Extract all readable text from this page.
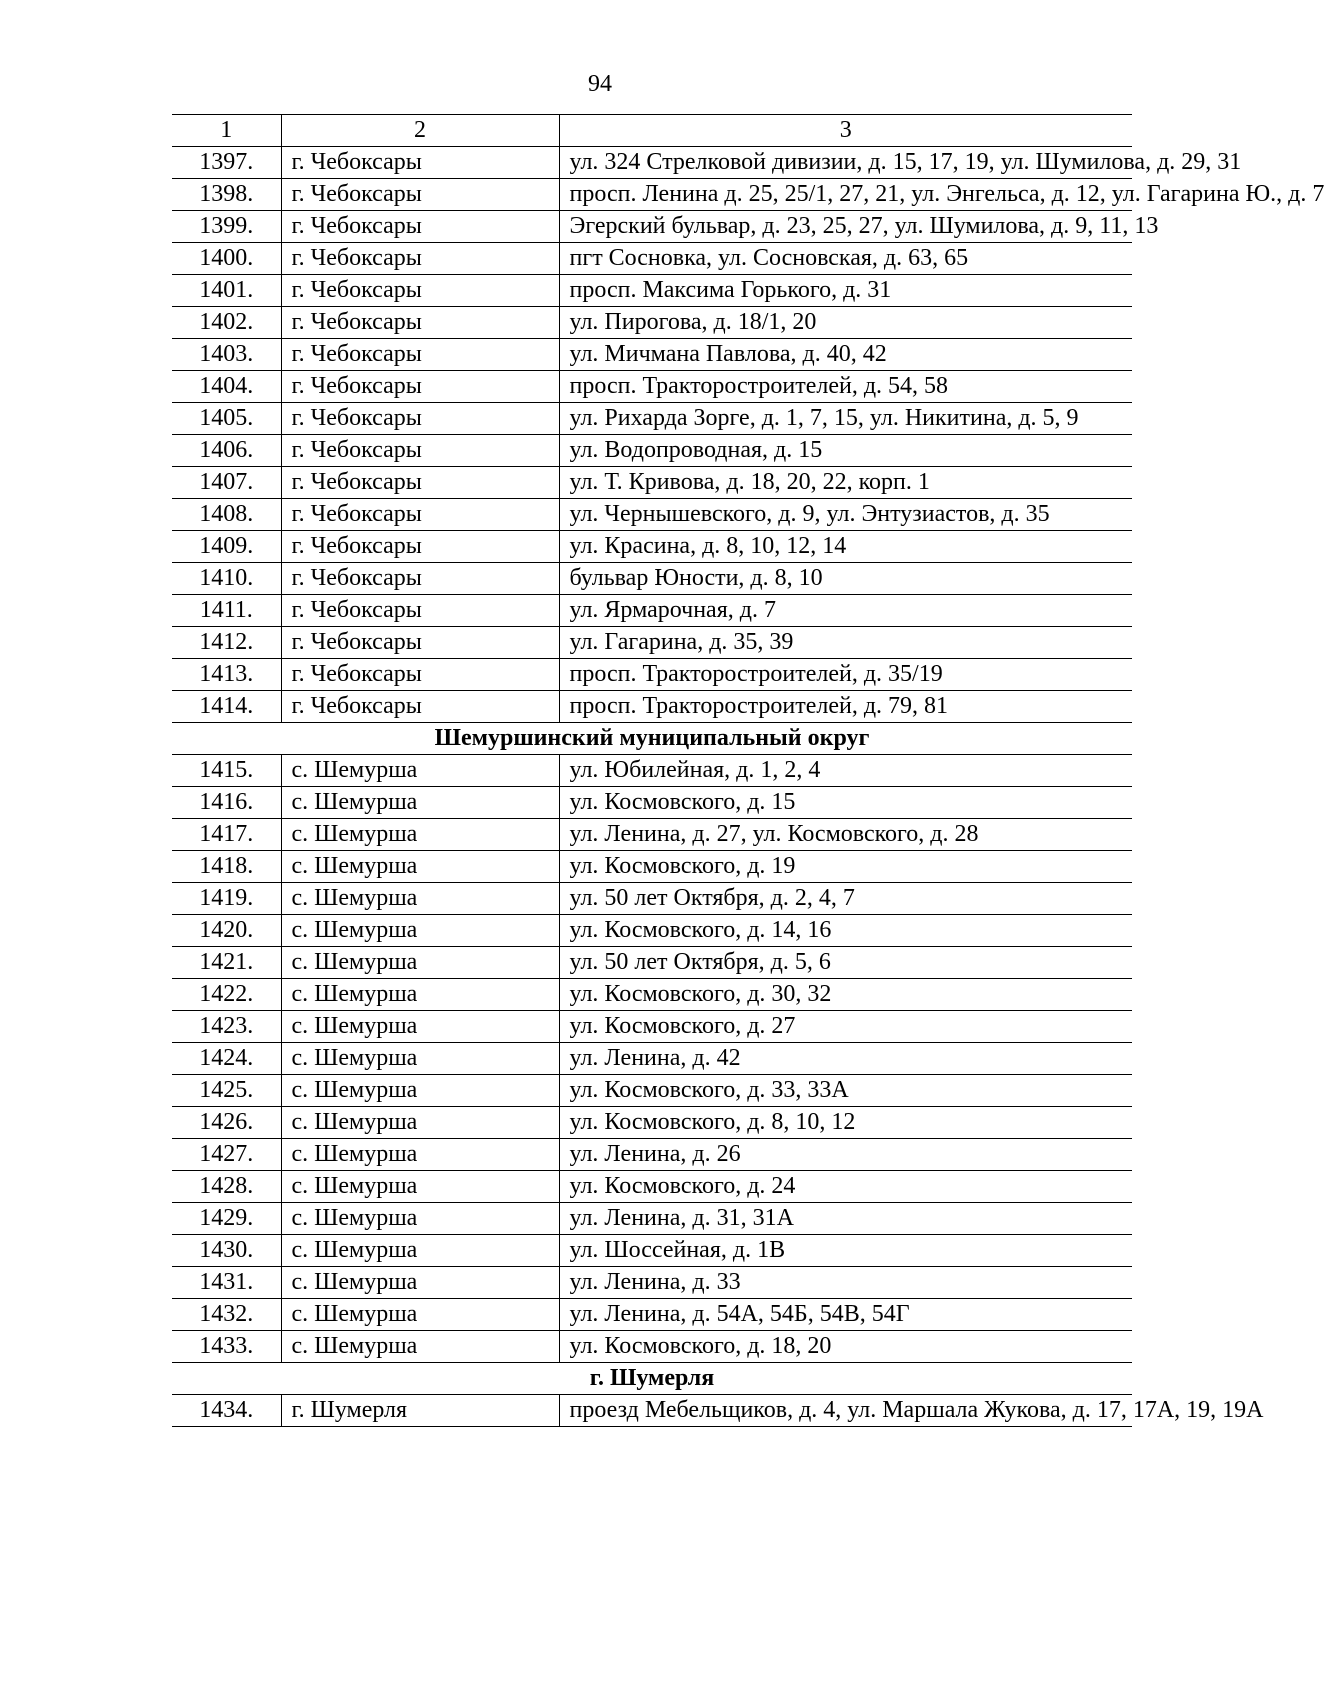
94
1	2	3
1397.	г. Чебоксары	ул. 324 Стрелковой дивизии, д. 15, 17, 19, ул. Шумилова, д. 29, 31
1398.	г. Чебоксары	просп. Ленина д. 25, 25/1, 27, 21, ул. Энгельса, д. 12, ул. Гагарина Ю., д. 7
1399.	г. Чебоксары	Эгерский бульвар, д. 23, 25, 27, ул. Шумилова, д. 9, 11, 13
1400.	г. Чебоксары	пгт Сосновка, ул. Сосновская, д. 63, 65
1401.	г. Чебоксары	просп. Максима Горького, д. 31
1402.	г. Чебоксары	ул. Пирогова, д. 18/1, 20
1403.	г. Чебоксары	ул. Мичмана Павлова, д. 40, 42
1404.	г. Чебоксары	просп. Тракторостроителей, д. 54, 58
1405.	г. Чебоксары	ул. Рихарда Зорге, д. 1, 7, 15, ул. Никитина, д. 5, 9
1406.	г. Чебоксары	ул. Водопроводная, д. 15
1407.	г. Чебоксары	ул. Т. Кривова, д. 18, 20, 22, корп. 1
1408.	г. Чебоксары	ул. Чернышевского, д. 9, ул. Энтузиастов, д. 35
1409.	г. Чебоксары	ул. Красина, д. 8, 10, 12, 14
1410.	г. Чебоксары	бульвар Юности, д. 8, 10
1411.	г. Чебоксары	ул. Ярмарочная, д. 7
1412.	г. Чебоксары	ул. Гагарина, д. 35, 39
1413.	г. Чебоксары	просп. Тракторостроителей, д. 35/19
1414.	г. Чебоксары	просп. Тракторостроителей, д. 79, 81
Шемуршинский муниципальный округ		
1415.	с. Шемурша	ул. Юбилейная, д. 1, 2, 4
1416.	с. Шемурша	ул. Космовского, д. 15
1417.	с. Шемурша	ул. Ленина, д. 27, ул. Космовского, д. 28
1418.	с. Шемурша	ул. Космовского, д. 19
1419.	с. Шемурша	ул. 50 лет Октября, д. 2, 4, 7
1420.	с. Шемурша	ул. Космовского, д. 14, 16
1421.	с. Шемурша	ул. 50 лет Октября, д. 5, 6
1422.	с. Шемурша	ул. Космовского, д. 30, 32
1423.	с. Шемурша	ул. Космовского, д. 27
1424.	с. Шемурша	ул. Ленина, д. 42
1425.	с. Шемурша	ул. Космовского, д. 33, 33А
1426.	с. Шемурша	ул. Космовского, д. 8, 10, 12
1427.	с. Шемурша	ул. Ленина, д. 26
1428.	с. Шемурша	ул. Космовского, д. 24
1429.	с. Шемурша	ул. Ленина, д. 31, 31А
1430.	с. Шемурша	ул. Шоссейная, д. 1В
1431.	с. Шемурша	ул. Ленина, д. 33
1432.	с. Шемурша	ул. Ленина, д. 54А, 54Б, 54В, 54Г
1433.	с. Шемурша	ул. Космовского, д. 18, 20
г. Шумерля		
1434.	г. Шумерля	проезд Мебельщиков, д. 4, ул. Маршала Жукова, д. 17, 17А, 19, 19А
